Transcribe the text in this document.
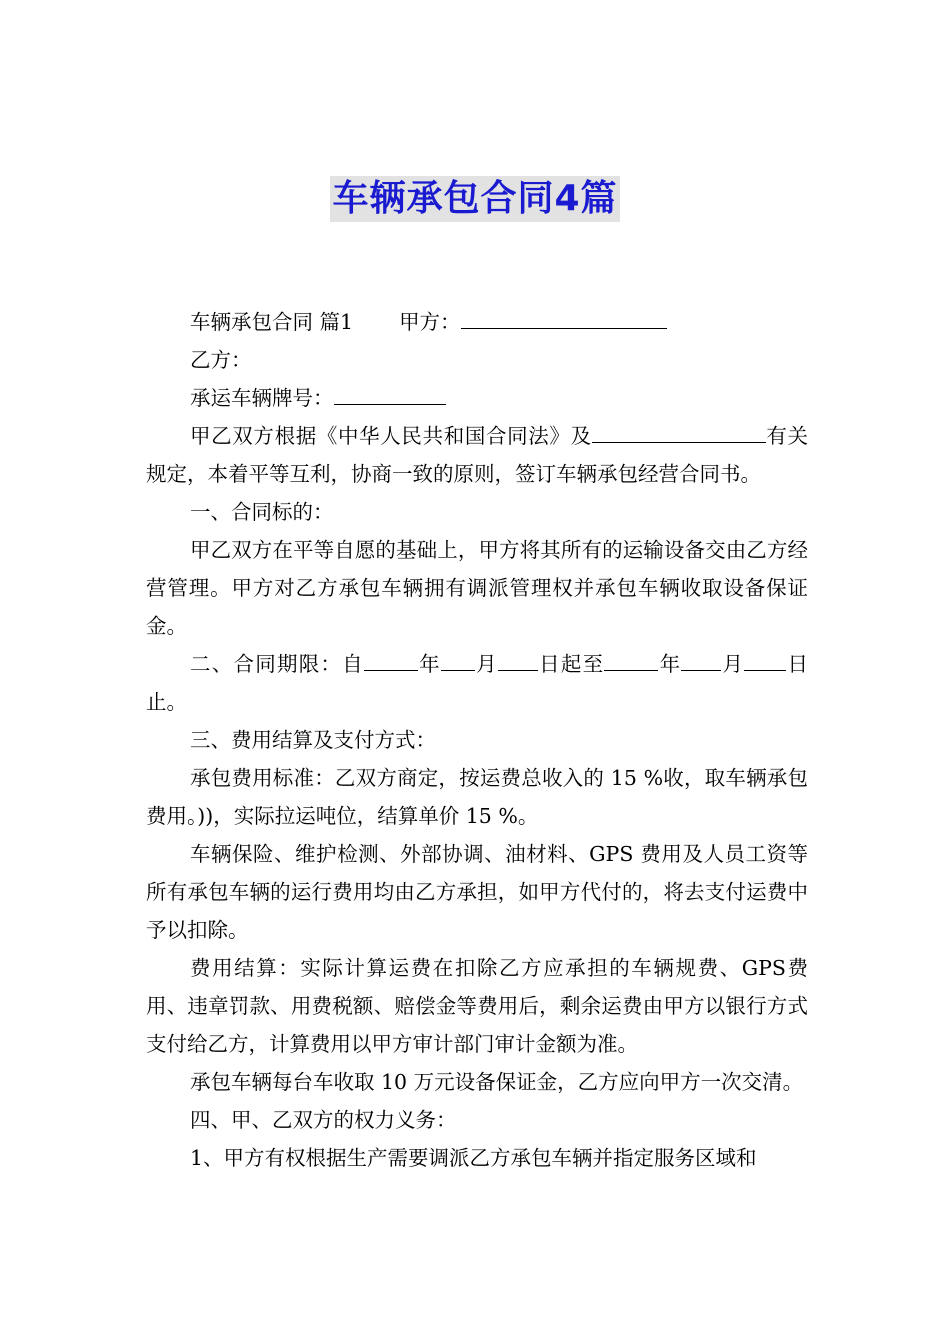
车辆承包合同4篇

车辆承包合同 篇1 甲方：

乙方：

承运车辆牌号：

甲乙双方根据《中华人民共和国合同法》及	有关规定，本着平等互利，协商一致的原则，签订车辆承包经营合同书。

一、合同标的：

甲乙双方在平等自愿的基础上，甲方将其所有的运输设备交由乙方经营管理。甲方对乙方承包车辆拥有调派管理权并承包车辆收取设备保证金。

二、合同期限：自	年 月 日起至	年 月 日止。

三、费用结算及支付方式：

承包费用标准：乙双方商定，按运费总收入的 15 %收，取车辆承包费用。))，实际拉运吨位，结算单价 15 %。

车辆保险、维护检测、外部协调、油材料、GPS 费用及人员工资等所有承包车辆的运行费用均由乙方承担，如甲方代付的，将去支付运费中予以扣除。

费用结算：实际计算运费在扣除乙方应承担的车辆规费、GPS费用、违章罚款、用费税额、赔偿金等费用后，剩余运费由甲方以银行方式支付给乙方，计算费用以甲方审计部门审计金额为准。

承包车辆每台车收取 10 万元设备保证金，乙方应向甲方一次交清。

四、甲、乙双方的权力义务：

1、甲方有权根据生产需要调派乙方承包车辆并指定服务区域和
